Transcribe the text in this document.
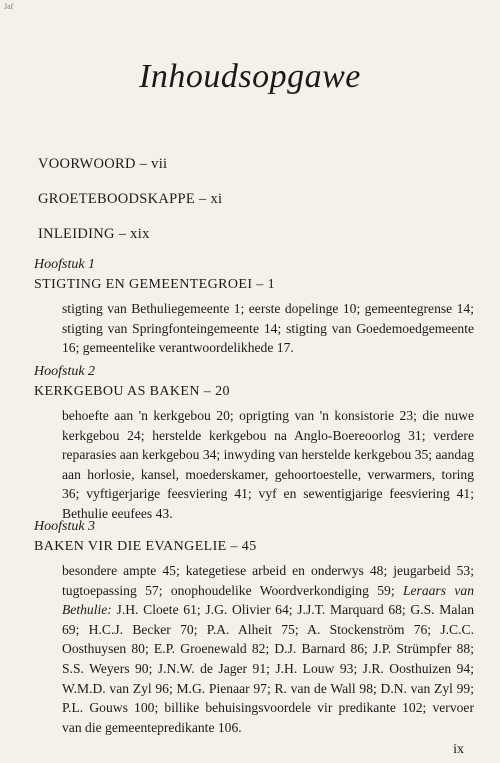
Jaf
Inhoudsopgawe
VOORWOORD – vii
GROETEBOODSKAPPE – xi
INLEIDING – xix
Hoofstuk 1
STIGTING EN GEMEENTEGROEI – 1
stigting van Bethuliegemeente 1; eerste dopelinge 10; gemeentegrense 14; stigting van Springfonteingemeente 14; stigting van Goedemoedgemeente 16; gemeentelike verantwoordelikhede 17.
Hoofstuk 2
KERKGEBOU AS BAKEN – 20
behoefte aan 'n kerkgebou 20; oprigting van 'n konsistorie 23; die nuwe kerkgebou 24; herstelde kerkgebou na Anglo-Boereoorlog 31; verdere reparasies aan kerkgebou 34; inwyding van herstelde kerkgebou 35; aandag aan horlosie, kansel, moederskamer, gehoortoestelle, verwarmers, toring 36; vyftigerjarige feesviering 41; vyf en sewentigjarige feesviering 41; Bethulie eeufees 43.
Hoofstuk 3
BAKEN VIR DIE EVANGELIE – 45
besondere ampte 45; kategetiese arbeid en onderwys 48; jeugarbeid 53; tugtoepassing 57; onophoudelike Woordverkondiging 59; Leraars van Bethulie: J.H. Cloete 61; J.G. Olivier 64; J.J.T. Marquard 68; G.S. Malan 69; H.C.J. Becker 70; P.A. Alheit 75; A. Stockenström 76; J.C.C. Oosthuysen 80; E.P. Groenewald 82; D.J. Barnard 86; J.P. Strümpfer 88; S.S. Weyers 90; J.N.W. de Jager 91; J.H. Louw 93; J.R. Oosthuizen 94; W.M.D. van Zyl 96; M.G. Pienaar 97; R. van de Wall 98; D.N. van Zyl 99; P.L. Gouws 100; billike behuisingsvoordele vir predikante 102; vervoer van die gemeentepredikante 106.
ix
